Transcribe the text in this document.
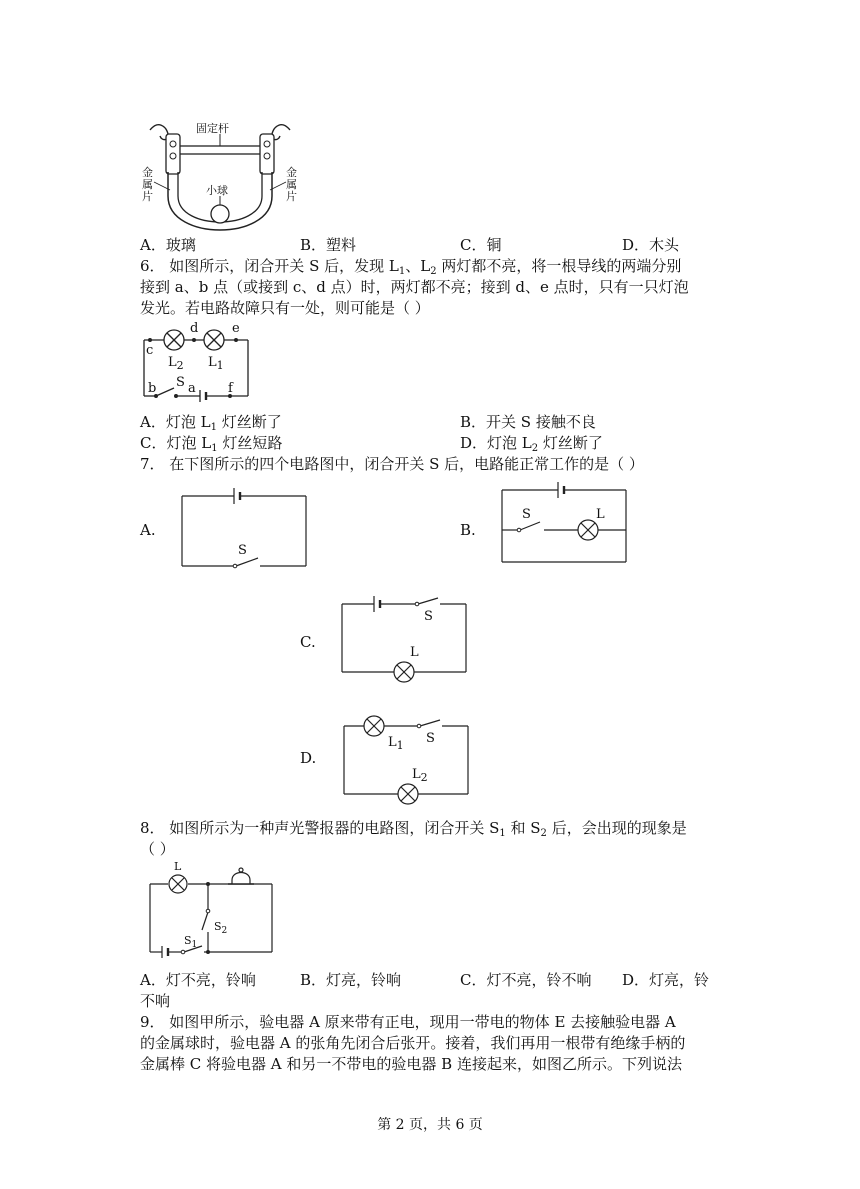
固定杆
小球
金
属
片
金
属
片
A．玻璃	B．塑料	C．铜	D．木头
6． 如图所示，闭合开关 S 后，发现 $L_1$、$L_2$ 两灯都不亮，将一根导线的两端分别
接到 a、b 点（或接到 c、d 点）时，两灯都不亮；接到 d、e 点时，只有一只灯泡
发光。若电路故障只有一处，则可能是（ ）
c
d	e
b S a f
$L_2$ $L_1$
A．灯泡 $L_1$ 灯丝断了	B．开关 S 接触不良
C．灯泡 $L_1$ 灯丝短路	D．灯泡 $L_2$ 灯丝断了
7． 在下图所示的四个电路图中，闭合开关 S 后，电路能正常工作的是（ ）
A.
S
B.
S	L
C.
S
L
D.
S
$L_1$
$L_2$
8． 如图所示为一种声光警报器的电路图，闭合开关 $S_1$ 和 $S_2$ 后，会出现的现象是
（ ）
L
$S_2$
$S_1$
A．灯不亮，铃响	B．灯亮，铃响	C．灯不亮，铃不响 D．灯亮，铃
不响
9． 如图甲所示，验电器 A 原来带有正电，现用一带电的物体 E 去接触验电器 A
的金属球时，验电器 A 的张角先闭合后张开。接着，我们再用一根带有绝缘手柄的
金属棒 C 将验电器 A 和另一不带电的验电器 B 连接起来，如图乙所示。下列说法
第 2 页，共 6 页
